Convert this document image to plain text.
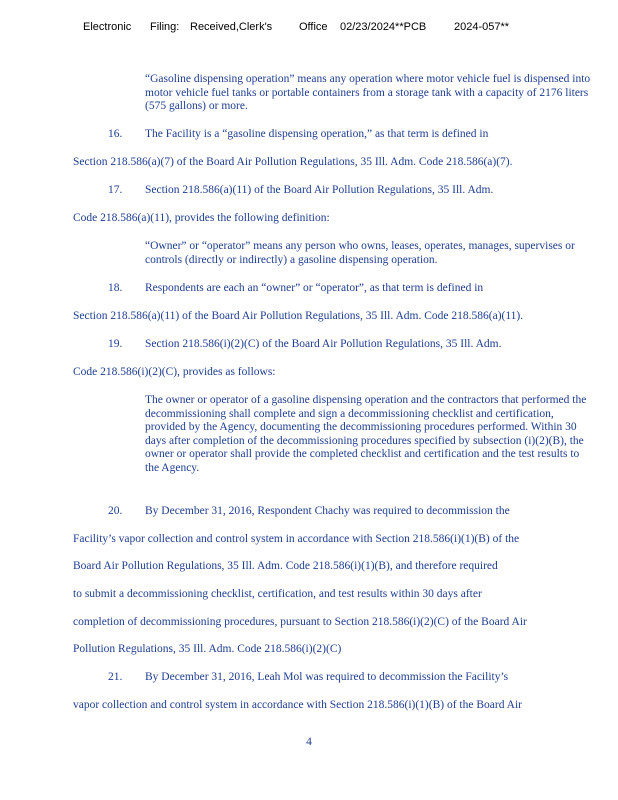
Electronic Filing: Received,Clerk's Office 02/23/2024**PCB	2024-057**
“Gasoline dispensing operation” means any operation where motor vehicle fuel is dispensed into motor vehicle fuel tanks or portable containers from a storage tank with a capacity of 2176 liters (575 gallons) or more.
16. The Facility is a “gasoline dispensing operation,” as that term is defined in
Section 218.586(a)(7) of the Board Air Pollution Regulations, 35 Ill. Adm. Code 218.586(a)(7).
17. Section 218.586(a)(11) of the Board Air Pollution Regulations, 35 Ill. Adm.
Code 218.586(a)(11), provides the following definition:
“Owner” or “operator” means any person who owns, leases, operates, manages, supervises or controls (directly or indirectly) a gasoline dispensing operation.
18. Respondents are each an “owner” or “operator”, as that term is defined in
Section 218.586(a)(11) of the Board Air Pollution Regulations, 35 Ill. Adm. Code 218.586(a)(11).
19. Section 218.586(i)(2)(C) of the Board Air Pollution Regulations, 35 Ill. Adm.
Code 218.586(i)(2)(C), provides as follows:
The owner or operator of a gasoline dispensing operation and the contractors that performed the decommissioning shall complete and sign a decommissioning checklist and certification, provided by the Agency, documenting the decommissioning procedures performed. Within 30 days after completion of the decommissioning procedures specified by subsection (i)(2)(B), the owner or operator shall provide the completed checklist and certification and the test results to the Agency.
20. By December 31, 2016, Respondent Chachy was required to decommission the
Facility’s vapor collection and control system in accordance with Section 218.586(i)(1)(B) of the
Board Air Pollution Regulations, 35 Ill. Adm. Code 218.586(i)(1)(B), and therefore required
to submit a decommissioning checklist, certification, and test results within 30 days after
completion of decommissioning procedures, pursuant to Section 218.586(i)(2)(C) of the Board Air
Pollution Regulations, 35 Ill. Adm. Code 218.586(i)(2)(C)
21. By December 31, 2016, Leah Mol was required to decommission the Facility’s
vapor collection and control system in accordance with Section 218.586(i)(1)(B) of the Board Air
4
